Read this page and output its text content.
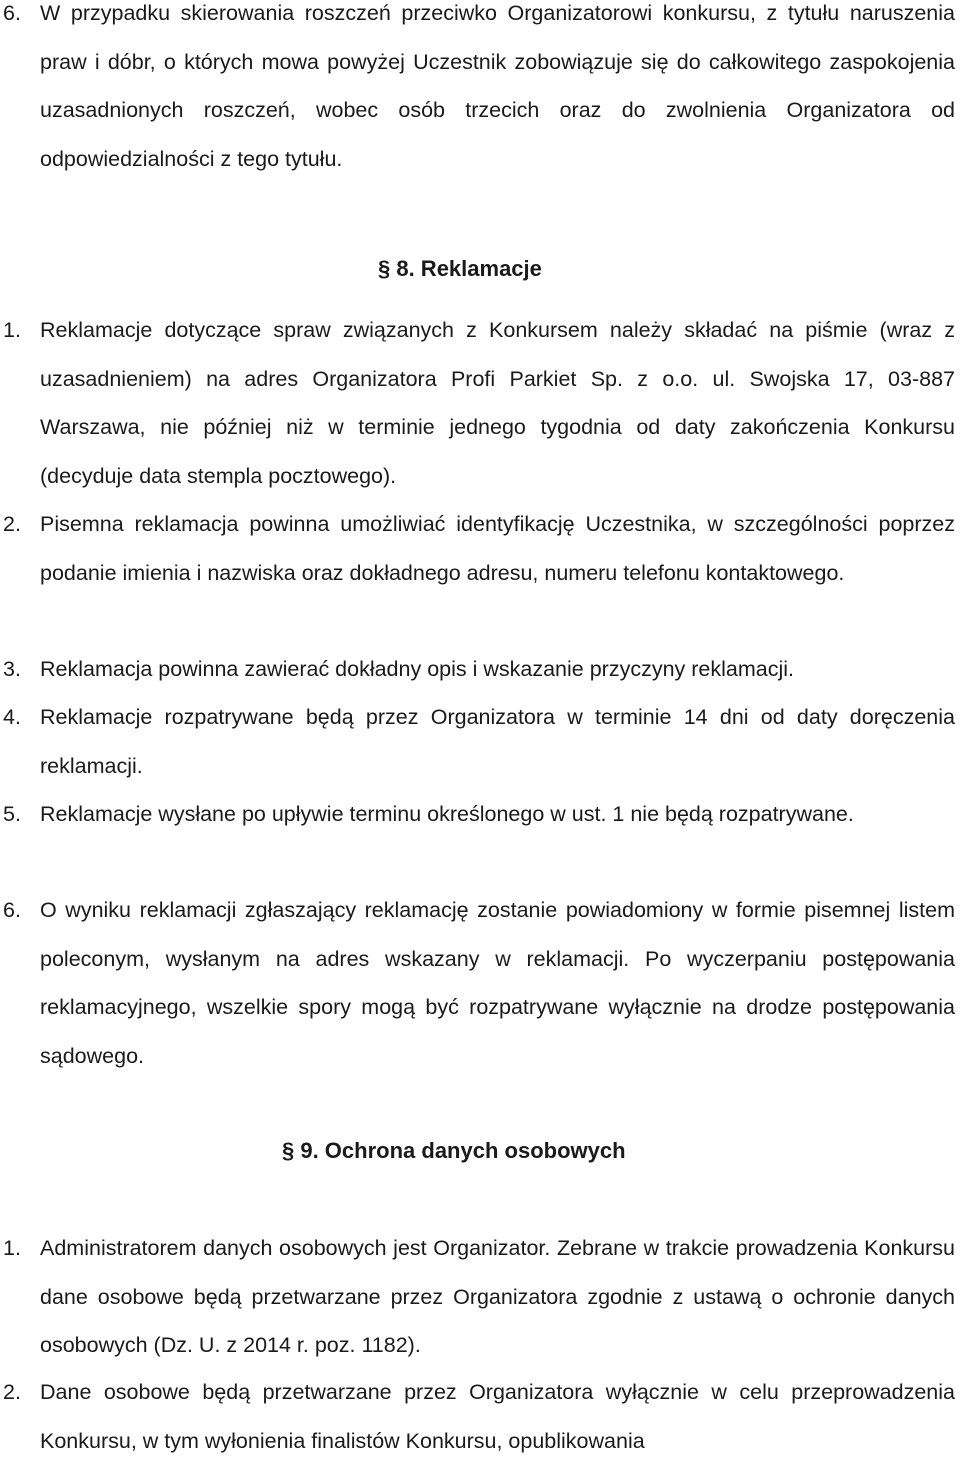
6. W przypadku skierowania roszczeń przeciwko Organizatorowi konkursu, z tytułu naruszenia praw i dóbr, o których mowa powyżej Uczestnik zobowiązuje się do całkowitego zaspokojenia uzasadnionych roszczeń, wobec osób trzecich oraz do zwolnienia Organizatora od odpowiedzialności z tego tytułu.
§ 8. Reklamacje
1. Reklamacje dotyczące spraw związanych z Konkursem należy składać na piśmie (wraz z uzasadnieniem) na adres Organizatora Profi Parkiet Sp. z o.o. ul. Swojska 17, 03-887 Warszawa, nie później niż w terminie jednego tygodnia od daty zakończenia Konkursu (decyduje data stempla pocztowego).
2. Pisemna reklamacja powinna umożliwiać identyfikację Uczestnika, w szczególności poprzez podanie imienia i nazwiska oraz dokładnego adresu, numeru telefonu kontaktowego.
3. Reklamacja powinna zawierać dokładny opis i wskazanie przyczyny reklamacji.
4. Reklamacje rozpatrywane będą przez Organizatora w terminie 14 dni od daty doręczenia reklamacji.
5. Reklamacje wysłane po upływie terminu określonego w ust. 1 nie będą rozpatrywane.
6. O wyniku reklamacji zgłaszający reklamację zostanie powiadomiony w formie pisemnej listem poleconym, wysłanym na adres wskazany w reklamacji. Po wyczerpaniu postępowania reklamacyjnego, wszelkie spory mogą być rozpatrywane wyłącznie na drodze postępowania sądowego.
§ 9. Ochrona danych osobowych
1. Administratorem danych osobowych jest Organizator. Zebrane w trakcie prowadzenia Konkursu dane osobowe będą przetwarzane przez Organizatora zgodnie z ustawą o ochronie danych osobowych (Dz. U. z 2014 r. poz. 1182).
2. Dane osobowe będą przetwarzane przez Organizatora wyłącznie w celu przeprowadzenia Konkursu, w tym wyłonienia finalistów Konkursu, opublikowania
